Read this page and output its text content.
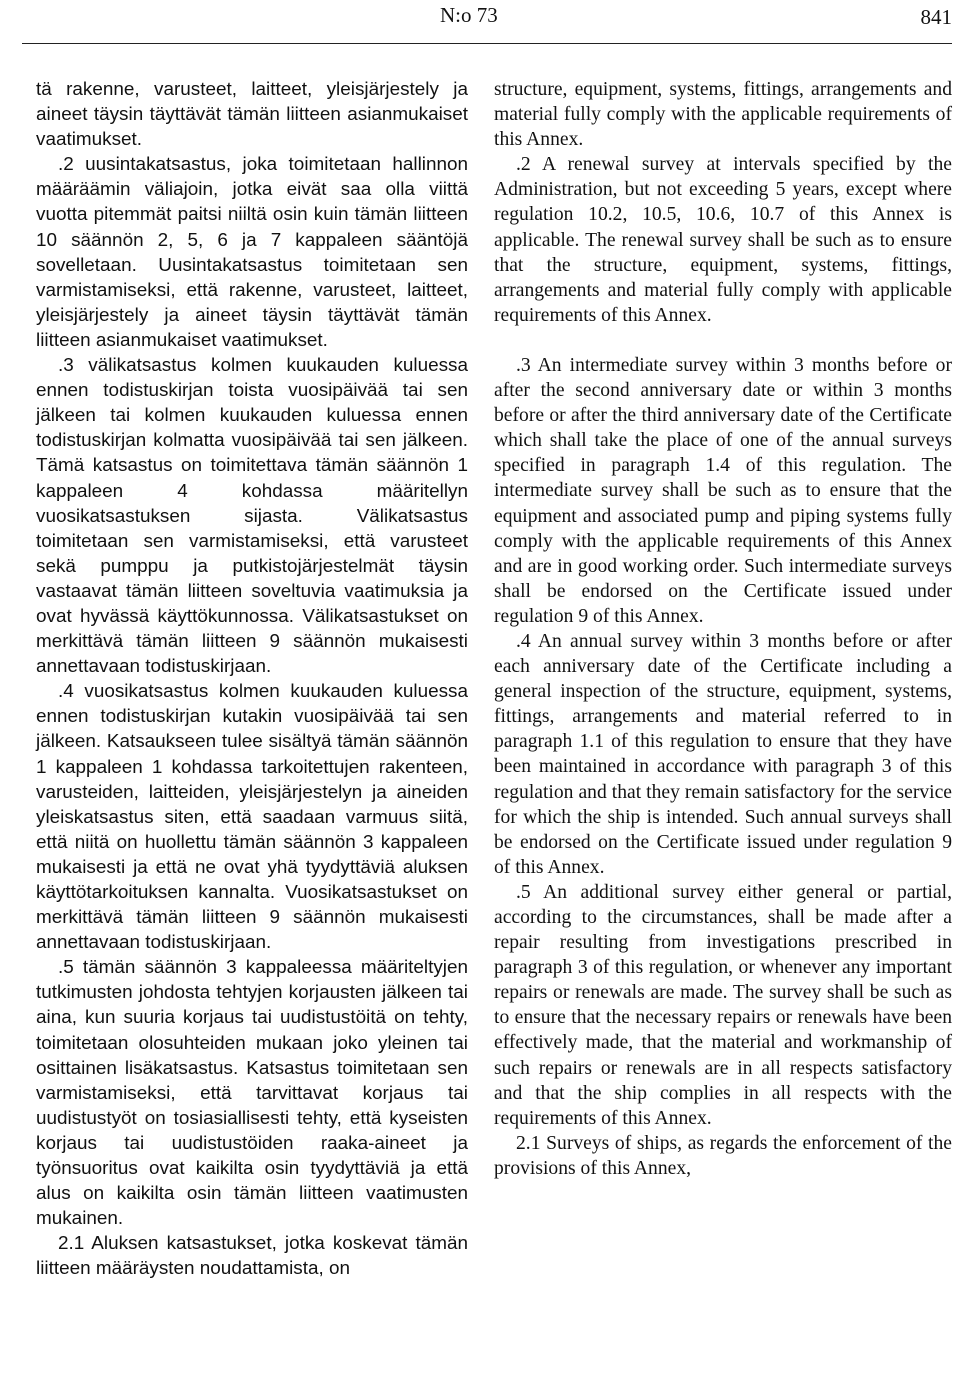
N:o 73	841

tä rakenne, varusteet, laitteet, yleisjärjestely ja aineet täysin täyttävät tämän liitteen asianmukaiset vaatimukset.

.2 uusintakatsastus, joka toimitetaan hallinnon määräämin väliajoin, jotka eivät saa olla viittä vuotta pitemmät paitsi niiltä osin kuin tämän liitteen 10 säännön 2, 5, 6 ja 7 kappaleen sääntöjä sovelletaan. Uusintakatsastus toimitetaan sen varmistamiseksi, että rakenne, varusteet, laitteet, yleisjärjestely ja aineet täysin täyttävät tämän liitteen asianmukaiset vaatimukset.

.3 välikatsastus kolmen kuukauden kuluessa ennen todistuskirjan toista vuosipäivää tai sen jälkeen tai kolmen kuukauden kuluessa ennen todistuskirjan kolmatta vuosipäivää tai sen jälkeen. Tämä katsastus on toimitettava tämän säännön 1 kappaleen 4 kohdassa määritellyn vuosikatsastuksen sijasta. Välikatsastus toimitetaan sen varmistamiseksi, että varusteet sekä pumppu ja putkistojärjestelmät täysin vastaavat tämän liitteen soveltuvia vaatimuksia ja ovat hyvässä käyttökunnossa. Välikatsastukset on merkittävä tämän liitteen 9 säännön mukaisesti annettavaan todistuskirjaan.

.4 vuosikatsastus kolmen kuukauden kuluessa ennen todistuskirjan kutakin vuosipäivää tai sen jälkeen. Katsaukseen tulee sisältyä tämän säännön 1 kappaleen 1 kohdassa tarkoitettujen rakenteen, varusteiden, laitteiden, yleisjärjestelyn ja aineiden yleiskatsastus siten, että saadaan varmuus siitä, että niitä on huollettu tämän säännön 3 kappaleen mukaisesti ja että ne ovat yhä tyydyttäviä aluksen käyttötarkoituksen kannalta. Vuosikatsastukset on merkittävä tämän liitteen 9 säännön mukaisesti annettavaan todistuskirjaan.

.5 tämän säännön 3 kappaleessa määriteltyjen tutkimusten johdosta tehtyjen korjausten jälkeen tai aina, kun suuria korjaus tai uudistustöitä on tehty, toimitetaan olosuhteiden mukaan joko yleinen tai osittainen lisäkatsastus. Katsastus toimitetaan sen varmistamiseksi, että tarvittavat korjaus tai uudistustyöt on tosiasiallisesti tehty, että kyseisten korjaus tai uudistustöiden raaka-aineet ja työnsuoritus ovat kaikilta osin tyydyttäviä ja että alus on kaikilta osin tämän liitteen vaatimusten mukainen.

2.1 Aluksen katsastukset, jotka koskevat tämän liitteen määräysten noudattamista, on

structure, equipment, systems, fittings, arrangements and material fully comply with the applicable requirements of this Annex.

.2 A renewal survey at intervals specified by the Administration, but not exceeding 5 years, except where regulation 10.2, 10.5, 10.6, 10.7 of this Annex is applicable. The renewal survey shall be such as to ensure that the structure, equipment, systems, fittings, arrangements and material fully comply with applicable requirements of this Annex.

.3 An intermediate survey within 3 months before or after the second anniversary date or within 3 months before or after the third anniversary date of the Certificate which shall take the place of one of the annual surveys specified in paragraph 1.4 of this regulation. The intermediate survey shall be such as to ensure that the equipment and associated pump and piping systems fully comply with the applicable requirements of this Annex and are in good working order. Such intermediate surveys shall be endorsed on the Certificate issued under regulation 9 of this Annex.

.4 An annual survey within 3 months before or after each anniversary date of the Certificate including a general inspection of the structure, equipment, systems, fittings, arrangements and material referred to in paragraph 1.1 of this regulation to ensure that they have been maintained in accordance with paragraph 3 of this regulation and that they remain satisfactory for the service for which the ship is intended. Such annual surveys shall be endorsed on the Certificate issued under regulation 9 of this Annex.

.5 An additional survey either general or partial, according to the circumstances, shall be made after a repair resulting from investigations prescribed in paragraph 3 of this regulation, or whenever any important repairs or renewals are made. The survey shall be such as to ensure that the necessary repairs or renewals have been effectively made, that the material and workmanship of such repairs or renewals are in all respects satisfactory and that the ship complies in all respects with the requirements of this Annex.

2.1 Surveys of ships, as regards the enforcement of the provisions of this Annex,
